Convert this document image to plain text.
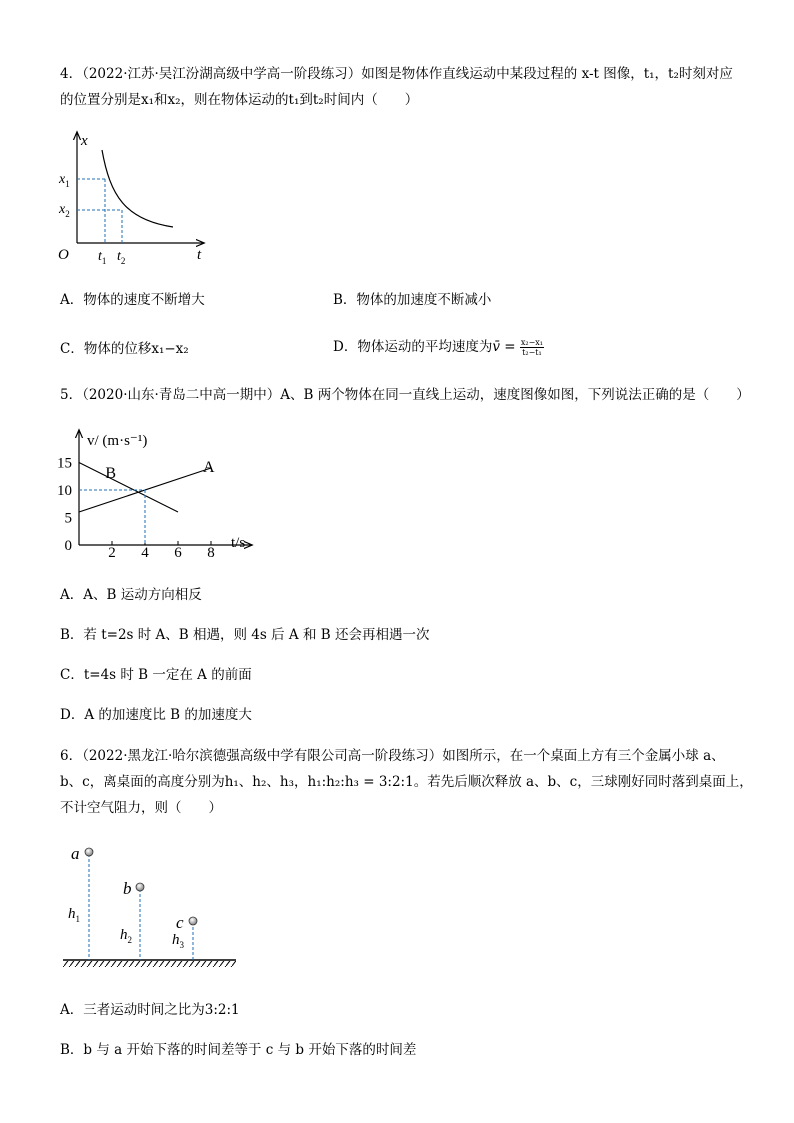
4．（2022·江苏·吴江汾湖高级中学高一阶段练习）如图是物体作直线运动中某段过程的 x-t 图像，t₁，t₂时刻对应
的位置分别是x₁和x₂，则在物体运动的t₁到t₂时间内（　　）
x
t
O
$x_1$
$x_2$
$t_1$ $t_2$
A．物体的速度不断增大	B．物体的加速度不断减小
C．物体的位移x₁−x₂	D．物体运动的平均速度为v̄ = $\frac{\text{x₂−x₁}}{\text{t₂−t₁}}$
5．（2020·山东·青岛二中高一期中）A、B 两个物体在同一直线上运动，速度图像如图，下列说法正确的是（　　）
v/ (m·s⁻¹)
t/s
0
5
10
15
2 4 6 8
A
B
A．A、B 运动方向相反
B．若 t=2s 时 A、B 相遇，则 4s 后 A 和 B 还会再相遇一次
C．t=4s 时 B 一定在 A 的前面
D．A 的加速度比 B 的加速度大
6．（2022·黑龙江·哈尔滨德强高级中学有限公司高一阶段练习）如图所示，在一个桌面上方有三个金属小球 a、
b、c，离桌面的高度分别为h₁、h₂、h₃，h₁:h₂:h₃ = 3:2:1。若先后顺次释放 a、b、c，三球刚好同时落到桌面上，
不计空气阻力，则（　　）
a
b
c
$h_1$
$h_2$	$h_3$
A．三者运动时间之比为3:2:1
B．b 与 a 开始下落的时间差等于 c 与 b 开始下落的时间差
